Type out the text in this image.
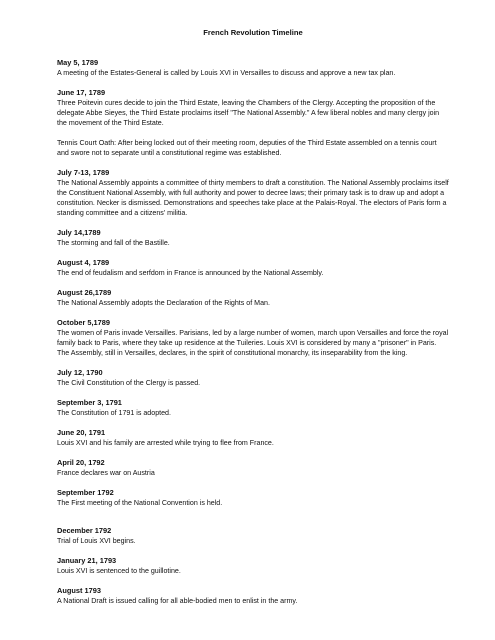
French Revolution Timeline

May 5, 1789

A meeting of the Estates-General is called by Louis XVI in Versailles to discuss and approve a new tax plan.

June 17, 1789

Three Poitevin cures decide to join the Third Estate, leaving the Chambers of the Clergy. Accepting the proposition of the delegate Abbe Sieyes, the Third Estate proclaims itself "The National Assembly." A few liberal nobles and many clergy join the movement of the Third Estate.

Tennis Court Oath: After being locked out of their meeting room, deputies of the Third Estate assembled on a tennis court and swore not to separate until a constitutional regime was established.

July 7-13, 1789

The National Assembly appoints a committee of thirty members to draft a constitution. The National Assembly proclaims itself the Constituent National Assembly, with full authority and power to decree laws; their primary task is to draw up and adopt a constitution. Necker is dismissed. Demonstrations and speeches take place at the Palais-Royal. The electors of Paris form a standing committee and a citizens' militia.

July 14,1789

The storming and fall of the Bastille.

August 4, 1789

The end of feudalism and serfdom in France is announced by the National Assembly.

August 26,1789

The National Assembly adopts the Declaration of the Rights of Man.

October 5,1789

The women of Paris invade Versailles. Parisians, led by a large number of women, march upon Versailles and force the royal family back to Paris, where they take up residence at the Tuileries. Louis XVI is considered by many a "prisoner" in Paris. The Assembly, still in Versailles, declares, in the spirit of constitutional monarchy, its inseparability from the king.

July 12, 1790

The Civil Constitution of the Clergy is passed.

September 3, 1791

The Constitution of 1791 is adopted.

June 20, 1791

Louis XVI and his family are arrested while trying to flee from France.

April 20, 1792

France declares war on Austria

September 1792

The First meeting of the National Convention is held.

December 1792

Trial of Louis XVI begins.

January 21, 1793

Louis XVI is sentenced to the guillotine.

August 1793

A National Draft is issued calling for all able-bodied men to enlist in the army.
